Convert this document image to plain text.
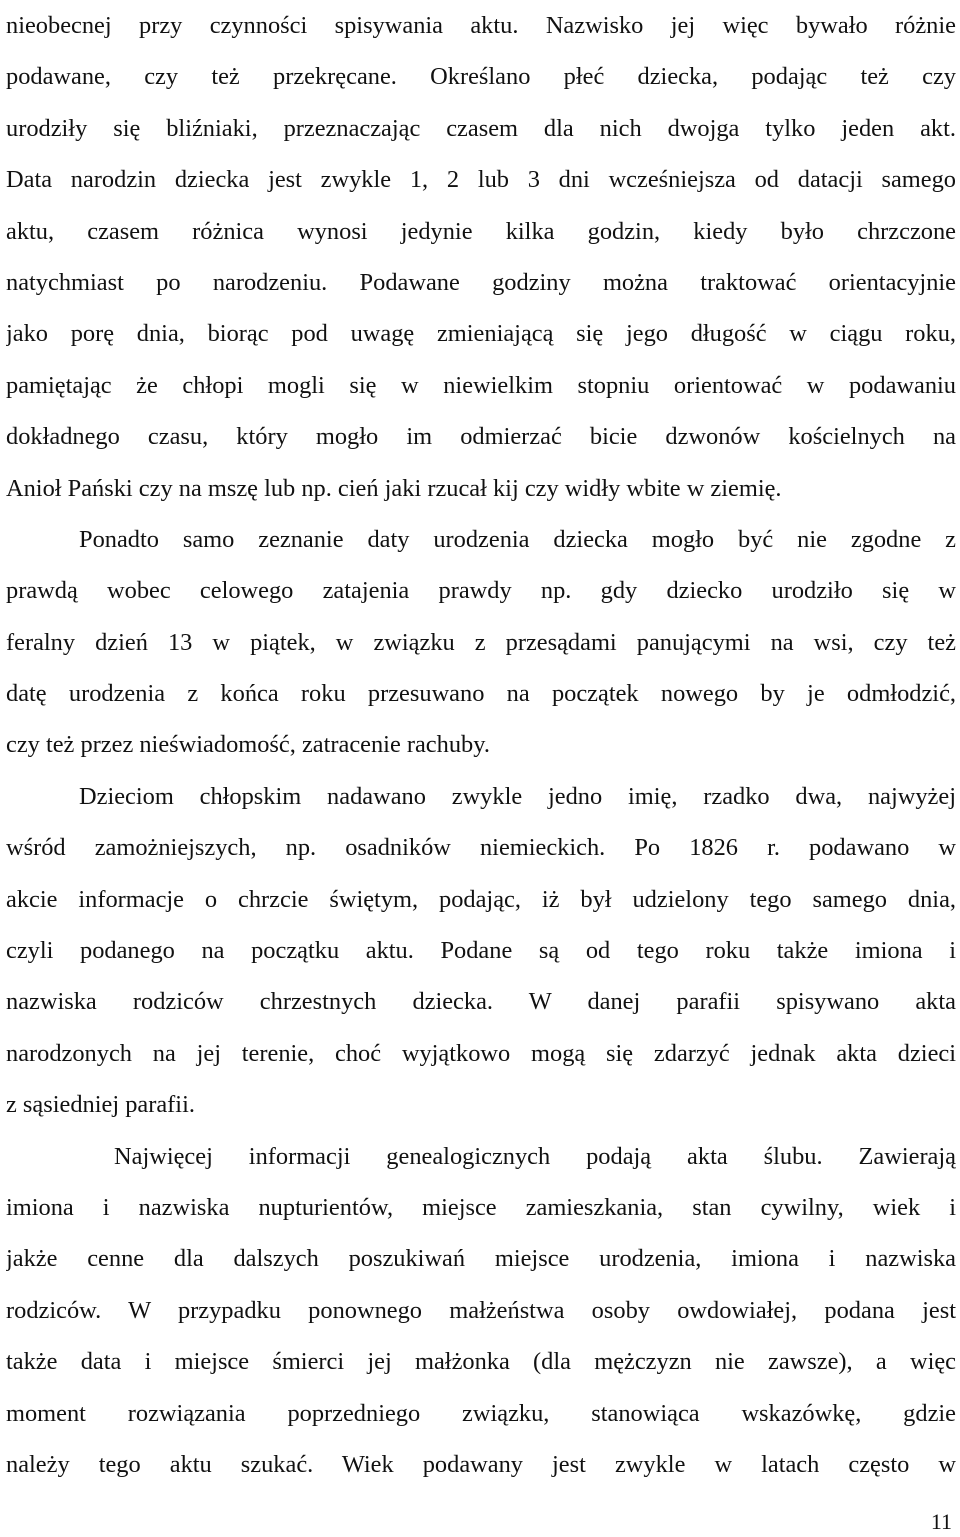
nieobecnej przy czynności spisywania aktu. Nazwisko jej więc bywało różnie
podawane, czy też przekręcane. Określano płeć dziecka, podając też czy
urodziły się bliźniaki, przeznaczając czasem dla nich dwojga tylko jeden akt.
Data narodzin dziecka jest zwykle 1, 2 lub 3 dni wcześniejsza od datacji samego
aktu, czasem różnica wynosi jedynie kilka godzin, kiedy było chrzczone
natychmiast po narodzeniu. Podawane godziny można traktować orientacyjnie
jako porę dnia, biorąc pod uwagę zmieniającą się jego długość w ciągu roku,
pamiętając że chłopi mogli się w niewielkim stopniu orientować w podawaniu
dokładnego czasu, który mogło im odmierzać bicie dzwonów kościelnych na
Anioł Pański czy na mszę lub np. cień jaki rzucał kij czy widły wbite w ziemię.
Ponadto samo zeznanie daty urodzenia dziecka mogło być nie zgodne z
prawdą wobec celowego zatajenia prawdy np. gdy dziecko urodziło się w
feralny dzień 13 w piątek, w związku z przesądami panującymi na wsi, czy też
datę urodzenia z końca roku przesuwano na początek nowego by je odmłodzić,
czy też przez nieświadomość, zatracenie rachuby.
Dzieciom chłopskim nadawano zwykle jedno imię, rzadko dwa, najwyżej
wśród zamożniejszych, np. osadników niemieckich. Po 1826 r. podawano w
akcie informacje o chrzcie świętym, podając, iż był udzielony tego samego dnia,
czyli podanego na początku aktu. Podane są od tego roku także imiona i
nazwiska rodziców chrzestnych dziecka. W danej parafii spisywano akta
narodzonych na jej terenie, choć wyjątkowo mogą się zdarzyć jednak akta dzieci
z sąsiedniej parafii.
Najwięcej informacji genealogicznych podają akta ślubu. Zawierają
imiona i nazwiska nupturientów, miejsce zamieszkania, stan cywilny, wiek i
jakże cenne dla dalszych poszukiwań miejsce urodzenia, imiona i nazwiska
rodziców. W przypadku ponownego małżeństwa osoby owdowiałej, podana jest
także data i miejsce śmierci jej małżonka (dla mężczyzn nie zawsze), a więc
moment rozwiązania poprzedniego związku, stanowiąca wskazówkę, gdzie
należy tego aktu szukać. Wiek podawany jest zwykle w latach często w
11
